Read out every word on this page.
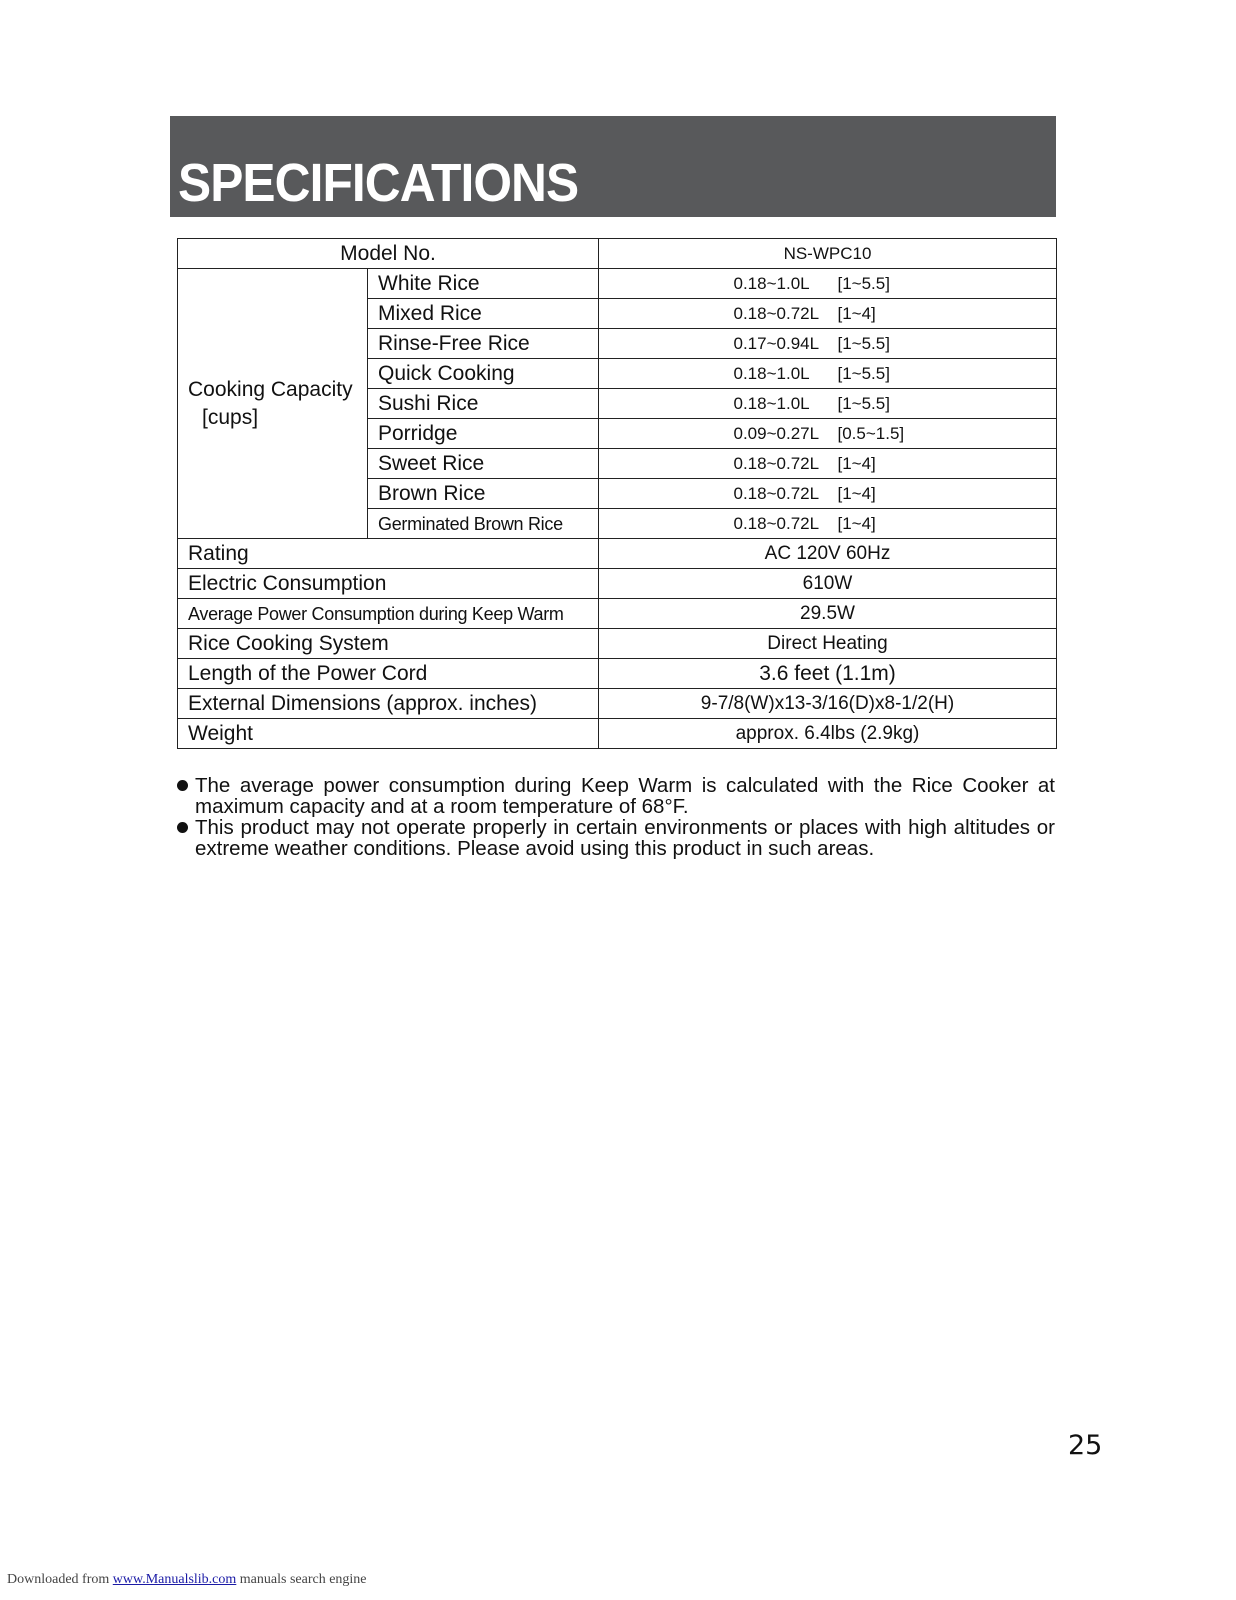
SPECIFICATIONS
Model No.		NS-WPC10

Cooking Capacity
[cups]	White Rice	0.18~1.0L [1~5.5]
	Mixed Rice	0.18~0.72L [1~4]
	Rinse-Free Rice	0.17~0.94L [1~5.5]
	Quick Cooking	0.18~1.0L [1~5.5]
	Sushi Rice	0.18~1.0L [1~5.5]
	Porridge	0.09~0.27L [0.5~1.5]
	Sweet Rice	0.18~0.72L [1~4]
	Brown Rice	0.18~0.72L [1~4]
	Germinated Brown Rice	0.18~0.72L [1~4]
Rating		AC 120V 60Hz
Electric Consumption		610W
Average Power Consumption during Keep Warm		29.5W
Rice Cooking System		Direct Heating
Length of the Power Cord		3.6 feet (1.1m)
External Dimensions (approx. inches)		9-7/8(W)x13-3/16(D)x8-1/2(H)
Weight		approx. 6.4lbs (2.9kg)
The average power consumption during Keep Warm is calculated with the Rice Cooker at maximum capacity and at a room temperature of 68°F.
This product may not operate properly in certain environments or places with high altitudes or extreme weather conditions. Please avoid using this product in such areas.
25
Downloaded from www.Manualslib.com manuals search engine
